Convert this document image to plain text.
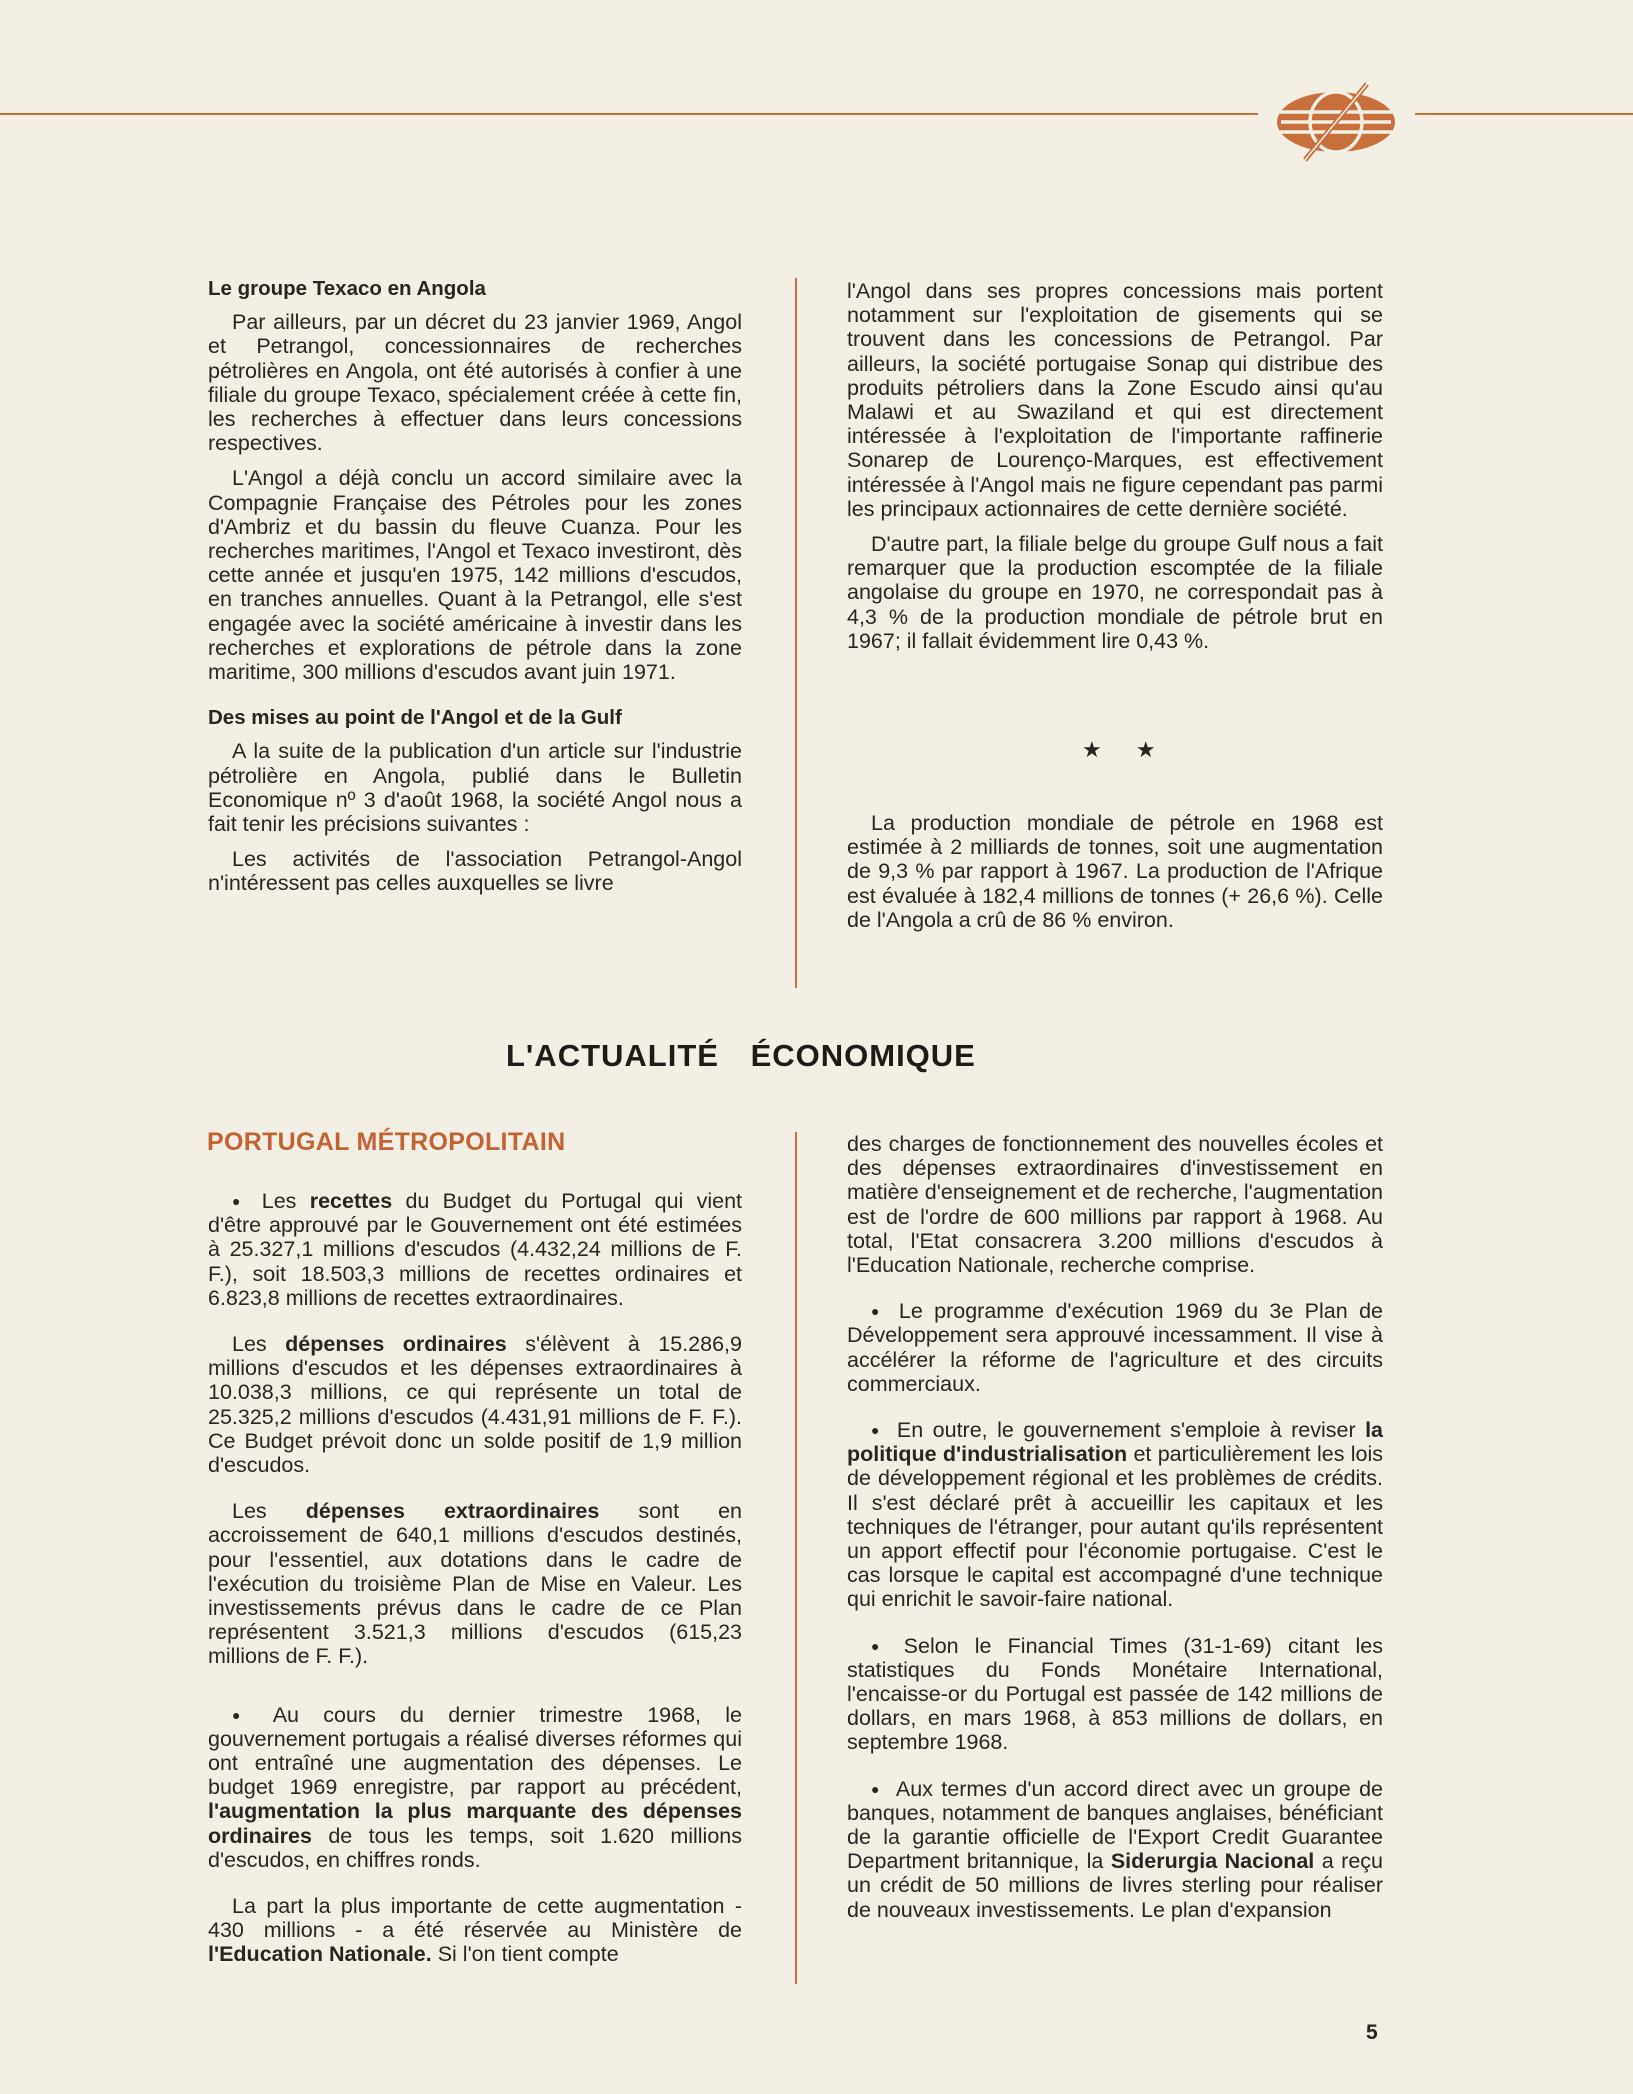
Le groupe Texaco en Angola

Par ailleurs, par un décret du 23 janvier 1969, Angol et Petrangol, concessionnaires de recherches pétrolières en Angola, ont été autorisés à confier à une filiale du groupe Texaco, spécialement créée à cette fin, les recherches à effectuer dans leurs concessions respectives.

L'Angol a déjà conclu un accord similaire avec la Compagnie Française des Pétroles pour les zones d'Ambriz et du bassin du fleuve Cuanza. Pour les recherches maritimes, l'Angol et Texaco investiront, dès cette année et jusqu'en 1975, 142 millions d'escudos, en tranches annuelles. Quant à la Petrangol, elle s'est engagée avec la société américaine à investir dans les recherches et explorations de pétrole dans la zone maritime, 300 millions d'escudos avant juin 1971.

Des mises au point de l'Angol et de la Gulf

A la suite de la publication d'un article sur l'industrie pétrolière en Angola, publié dans le Bulletin Economique nº 3 d'août 1968, la société Angol nous a fait tenir les précisions suivantes :

Les activités de l'association Petrangol-Angol n'intéressent pas celles auxquelles se livre

l'Angol dans ses propres concessions mais portent notamment sur l'exploitation de gisements qui se trouvent dans les concessions de Petrangol. Par ailleurs, la société portugaise Sonap qui distribue des produits pétroliers dans la Zone Escudo ainsi qu'au Malawi et au Swaziland et qui est directement intéressée à l'exploitation de l'importante raffinerie Sonarep de Lourenço-Marques, est effectivement intéressée à l'Angol mais ne figure cependant pas parmi les principaux actionnaires de cette dernière société.

D'autre part, la filiale belge du groupe Gulf nous a fait remarquer que la production escomptée de la filiale angolaise du groupe en 1970, ne correspondait pas à 4,3 % de la production mondiale de pétrole brut en 1967; il fallait évidemment lire 0,43 %.

★ ★

La production mondiale de pétrole en 1968 est estimée à 2 milliards de tonnes, soit une augmentation de 9,3 % par rapport à 1967. La production de l'Afrique est évaluée à 182,4 millions de tonnes (+ 26,6 %). Celle de l'Angola a crû de 86 % environ.

L'ACTUALITÉ ÉCONOMIQUE
PORTUGAL MÉTROPOLITAIN

● Les recettes du Budget du Portugal qui vient d'être approuvé par le Gouvernement ont été estimées à 25.327,1 millions d'escudos (4.432,24 millions de F. F.), soit 18.503,3 millions de recettes ordinaires et 6.823,8 millions de recettes extraordinaires.

Les dépenses ordinaires s'élèvent à 15.286,9 millions d'escudos et les dépenses extraordinaires à 10.038,3 millions, ce qui représente un total de 25.325,2 millions d'escudos (4.431,91 millions de F. F.). Ce Budget prévoit donc un solde positif de 1,9 million d'escudos.

Les dépenses extraordinaires sont en accroissement de 640,1 millions d'escudos destinés, pour l'essentiel, aux dotations dans le cadre de l'exécution du troisième Plan de Mise en Valeur. Les investissements prévus dans le cadre de ce Plan représentent 3.521,3 millions d'escudos (615,23 millions de F. F.).

● Au cours du dernier trimestre 1968, le gouvernement portugais a réalisé diverses réformes qui ont entraîné une augmentation des dépenses. Le budget 1969 enregistre, par rapport au précédent, l'augmentation la plus marquante des dépenses ordinaires de tous les temps, soit 1.620 millions d'escudos, en chiffres ronds.

La part la plus importante de cette augmentation - 430 millions - a été réservée au Ministère de l'Education Nationale. Si l'on tient compte

des charges de fonctionnement des nouvelles écoles et des dépenses extraordinaires d'investissement en matière d'enseignement et de recherche, l'augmentation est de l'ordre de 600 millions par rapport à 1968. Au total, l'Etat consacrera 3.200 millions d'escudos à l'Education Nationale, recherche comprise.

● Le programme d'exécution 1969 du 3e Plan de Développement sera approuvé incessamment. Il vise à accélérer la réforme de l'agriculture et des circuits commerciaux.

● En outre, le gouvernement s'emploie à reviser la politique d'industrialisation et particulièrement les lois de développement régional et les problèmes de crédits. Il s'est déclaré prêt à accueillir les capitaux et les techniques de l'étranger, pour autant qu'ils représentent un apport effectif pour l'économie portugaise. C'est le cas lorsque le capital est accompagné d'une technique qui enrichit le savoir-faire national.

● Selon le Financial Times (31-1-69) citant les statistiques du Fonds Monétaire International, l'encaisse-or du Portugal est passée de 142 millions de dollars, en mars 1968, à 853 millions de dollars, en septembre 1968.

● Aux termes d'un accord direct avec un groupe de banques, notamment de banques anglaises, bénéficiant de la garantie officielle de l'Export Credit Guarantee Department britannique, la Siderurgia Nacional a reçu un crédit de 50 millions de livres sterling pour réaliser de nouveaux investissements. Le plan d'expansion

5
